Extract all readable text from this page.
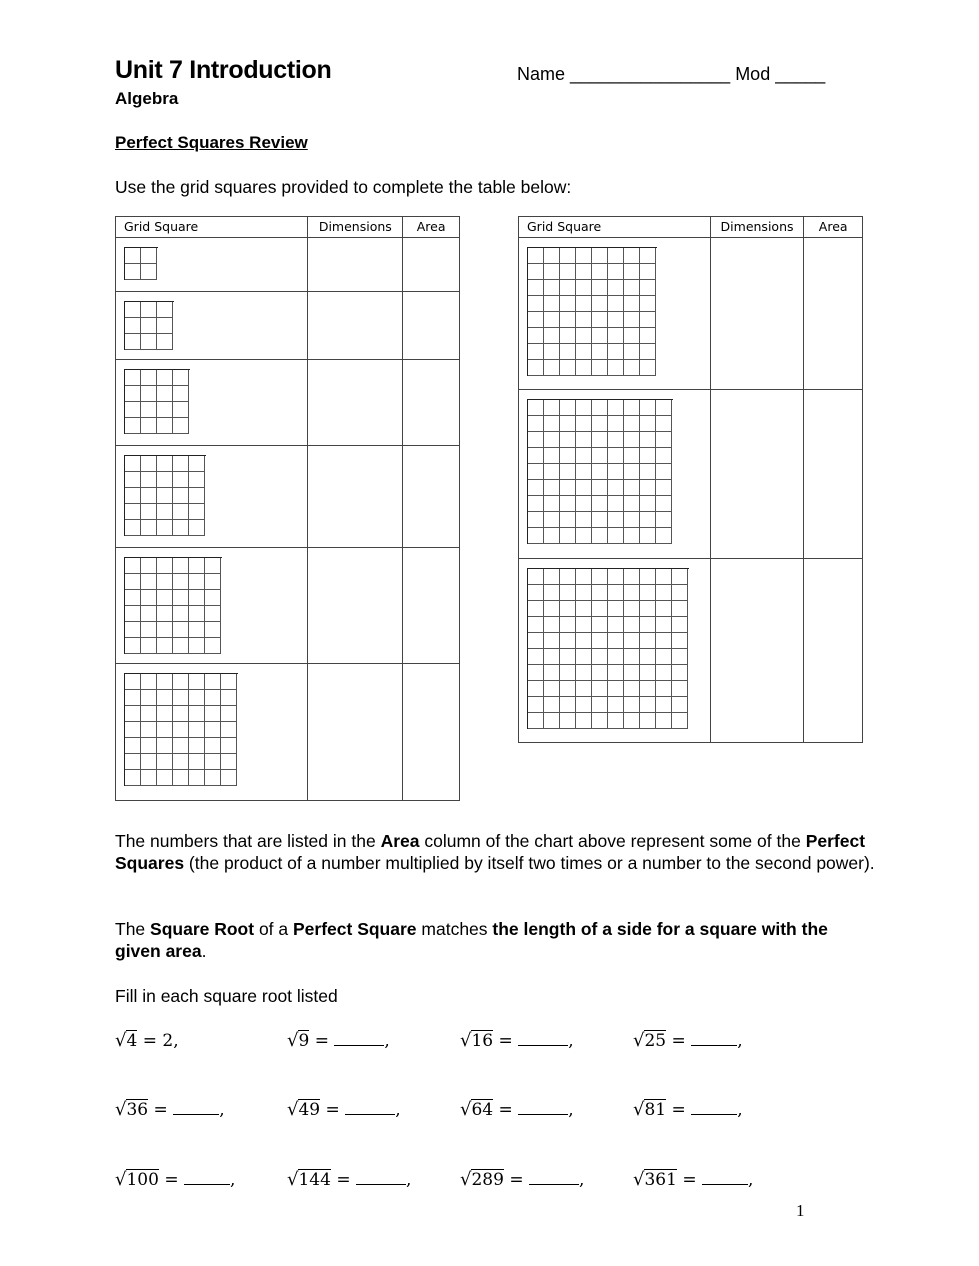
Unit 7 Introduction
Algebra
Name ________________ Mod _____
Perfect Squares Review
Use the grid squares provided to complete the table below:
Grid Square	Dimensions	Area

			Grid Square	Dimensions	Area

The numbers that are listed in the Area column of the chart above represent some of the Perfect Squares (the product of a number multiplied by itself two times or a number to the second power).
The Square Root of a Perfect Square matches the length of a side for a square with the given area.
Fill in each square root listed
√4 = 2,	√9 =	,	√16 =	,	√25 =	,
√36 =	,	√49 =	,	√64 =	,	√81 =	,
√100 =	,	√144 =	,	√289 =	,	√361 =	,
1
